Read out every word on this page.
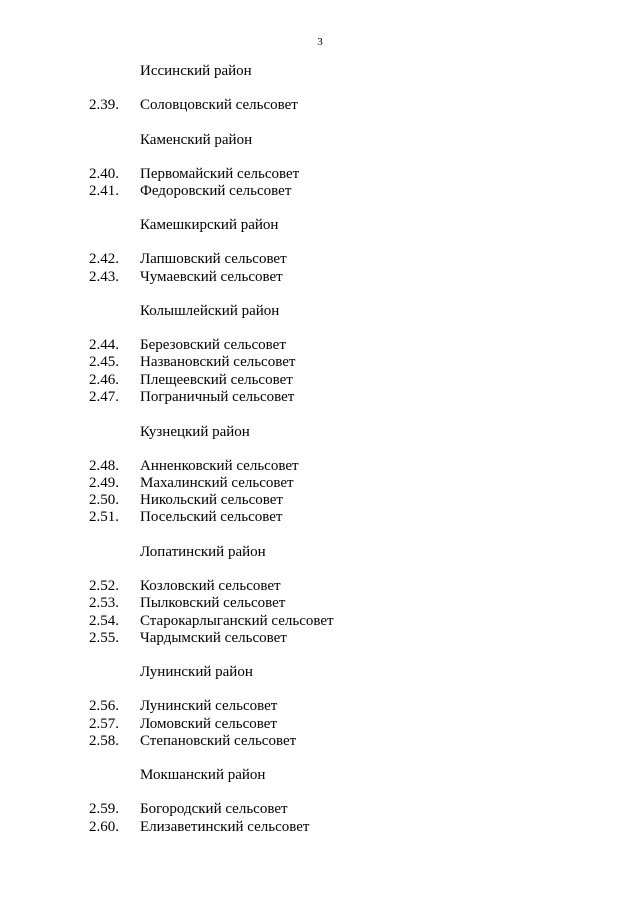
3
Иссинский район
2.39. Соловцовский сельсовет
Каменский район
2.40. Первомайский сельсовет
2.41. Федоровский сельсовет
Камешкирский район
2.42. Лапшовский сельсовет
2.43. Чумаевский сельсовет
Колышлейский район
2.44. Березовский сельсовет
2.45. Названовский сельсовет
2.46. Плещеевский сельсовет
2.47. Пограничный сельсовет
Кузнецкий район
2.48. Анненковский сельсовет
2.49. Махалинский сельсовет
2.50. Никольский сельсовет
2.51. Посельский сельсовет
Лопатинский район
2.52. Козловский сельсовет
2.53. Пылковский сельсовет
2.54. Старокарлыганский сельсовет
2.55. Чардымский сельсовет
Лунинский район
2.56. Лунинский сельсовет
2.57. Ломовский сельсовет
2.58. Степановский сельсовет
Мокшанский район
2.59. Богородский сельсовет
2.60. Елизаветинский сельсовет
